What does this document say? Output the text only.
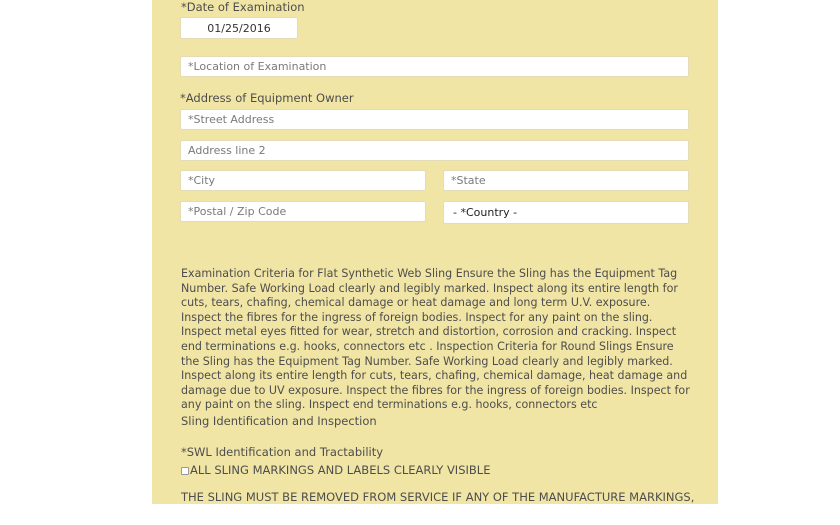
*Date of Examination
01/25/2016
*Location of Examination
*Address of Equipment Owner
*Street Address
Address line 2
*City
*State
*Postal / Zip Code
- *Country -
Examination Criteria for Flat Synthetic Web Sling Ensure the Sling has the Equipment Tag Number. Safe Working Load clearly and legibly marked. Inspect along its entire length for cuts, tears, chafing, chemical damage or heat damage and long term U.V. exposure. Inspect the fibres for the ingress of foreign bodies. Inspect for any paint on the sling. Inspect metal eyes fitted for wear, stretch and distortion, corrosion and cracking. Inspect end terminations e.g. hooks, connectors etc . Inspection Criteria for Round Slings Ensure the Sling has the Equipment Tag Number. Safe Working Load clearly and legibly marked. Inspect along its entire length for cuts, tears, chafing, chemical damage, heat damage and damage due to UV exposure. Inspect the fibres for the ingress of foreign bodies. Inspect for any paint on the sling. Inspect end terminations e.g. hooks, connectors etc
Sling Identification and Inspection
*SWL Identification and Tractability
ALL SLING MARKINGS AND LABELS CLEARLY VISIBLE
THE SLING MUST BE REMOVED FROM SERVICE IF ANY OF THE MANUFACTURE MARKINGS,
